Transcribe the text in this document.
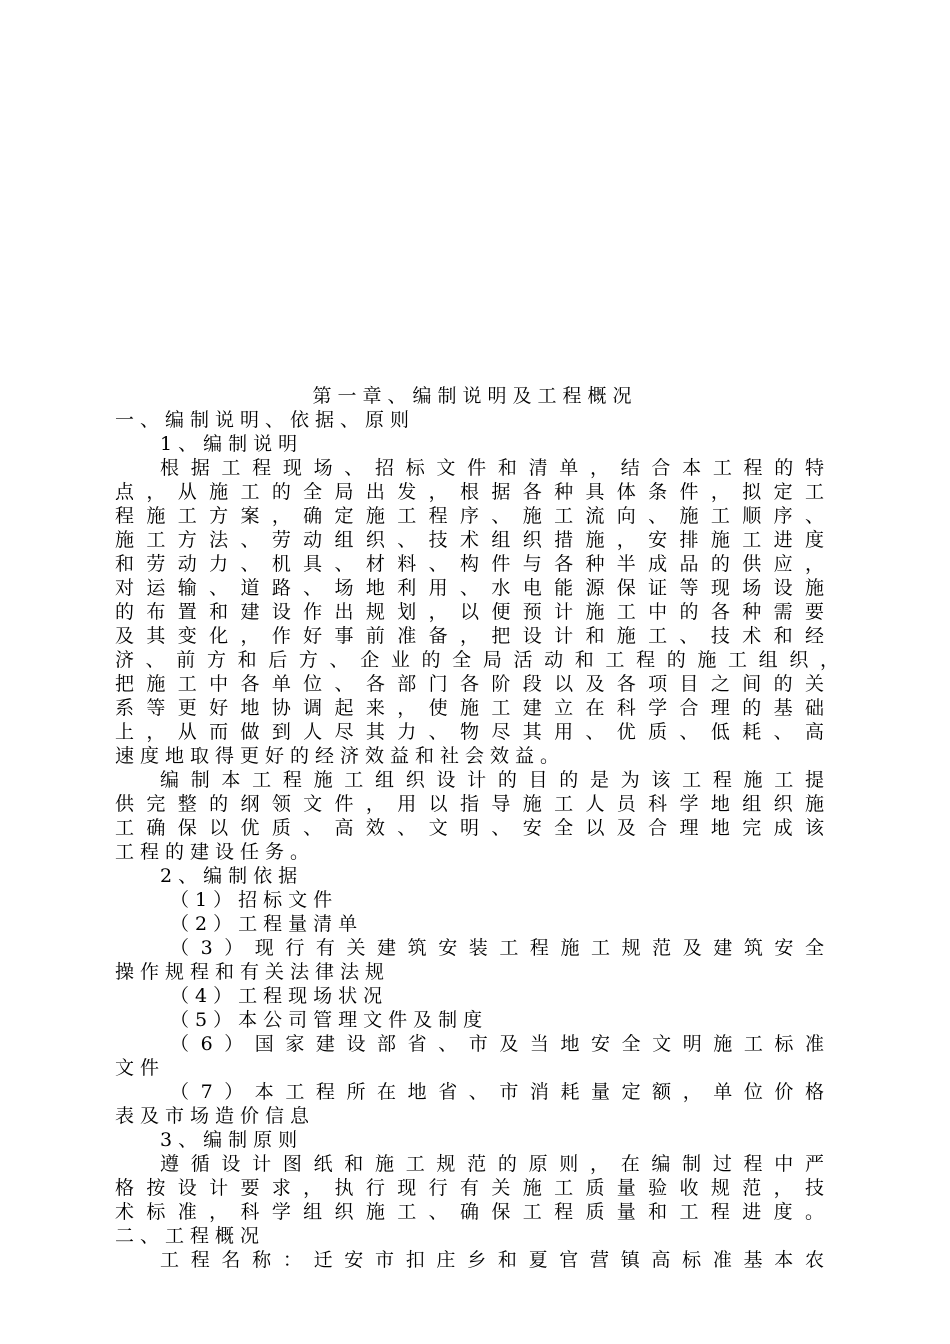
第一章、编制说明及工程概况
一、编制说明、依据、原则
1、编制说明
根据工程现场、招标文件和清单，结合本工程的特
点，从施工的全局出发，根据各种具体条件，拟定工
程施工方案，确定施工程序、施工流向、施工顺序、
施工方法、劳动组织、技术组织措施，安排施工进度
和劳动力、机具、材料、构件与各种半成品的供应，
对运输、道路、场地利用、水电能源保证等现场设施
的布置和建设作出规划，以便预计施工中的各种需要
及其变化，作好事前准备，把设计和施工、技术和经
济、前方和后方、企业的全局活动和工程的施工组织，
把施工中各单位、各部门各阶段以及各项目之间的关
系等更好地协调起来，使施工建立在科学合理的基础
上，从而做到人尽其力、物尽其用、优质、低耗、高
速度地取得更好的经济效益和社会效益。
编制本工程施工组织设计的目的是为该工程施工提
供完整的纲领文件，用以指导施工人员科学地组织施
工确保以优质、高效、文明、安全以及合理地完成该
工程的建设任务。
2、编制依据
（1）招标文件
（2）工程量清单
（3）现行有关建筑安装工程施工规范及建筑安全
操作规程和有关法律法规
（4）工程现场状况
（5）本公司管理文件及制度
（6）国家建设部省、市及当地安全文明施工标准
文件
（7）本工程所在地省、市消耗量定额，单位价格
表及市场造价信息
3、编制原则
遵循设计图纸和施工规范的原则，在编制过程中严
格按设计要求，执行现行有关施工质量验收规范，技
术标准，科学组织施工、确保工程质量和工程进度。
二、工程概况
工程名称：迁安市扣庄乡和夏官营镇高标准基本农
